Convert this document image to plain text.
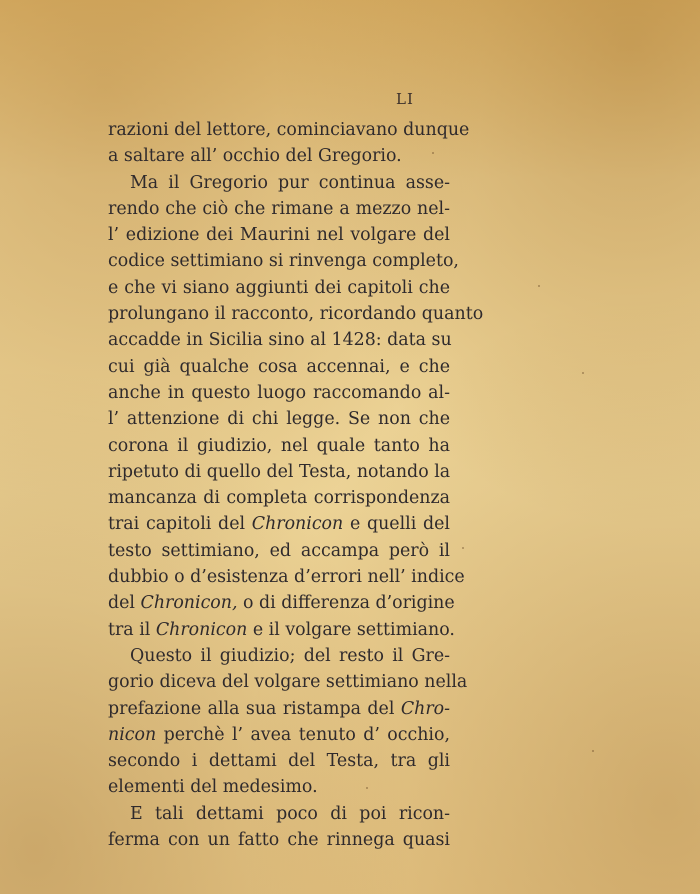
LI
razioni del lettore, cominciavano dunque
a saltare all’ occhio del Gregorio.
Ma il Gregorio pur continua asse-
rendo che ciò che rimane a mezzo nel-
l’ edizione dei Maurini nel volgare del
codice settimiano si rinvenga completo,
e che vi siano aggiunti dei capitoli che
prolungano il racconto, ricordando quanto
accadde in Sicilia sino al 1428: data su
cui già qualche cosa accennai, e che
anche in questo luogo raccomando al-
l’ attenzione di chi legge. Se non che
corona il giudizio, nel quale tanto ha
ripetuto di quello del Testa, notando la
mancanza di completa corrispondenza
trai capitoli del Chronicon e quelli del
testo settimiano, ed accampa però il
dubbio o d’esistenza d’errori nell’ indice
del Chronicon, o di differenza d’origine
tra il Chronicon e il volgare settimiano.
Questo il giudizio; del resto il Gre-
gorio diceva del volgare settimiano nella
prefazione alla sua ristampa del Chro-
nicon perchè l’ avea tenuto d’ occhio,
secondo i dettami del Testa, tra gli
elementi del medesimo.
E tali dettami poco di poi ricon-
ferma con un fatto che rinnega quasi
